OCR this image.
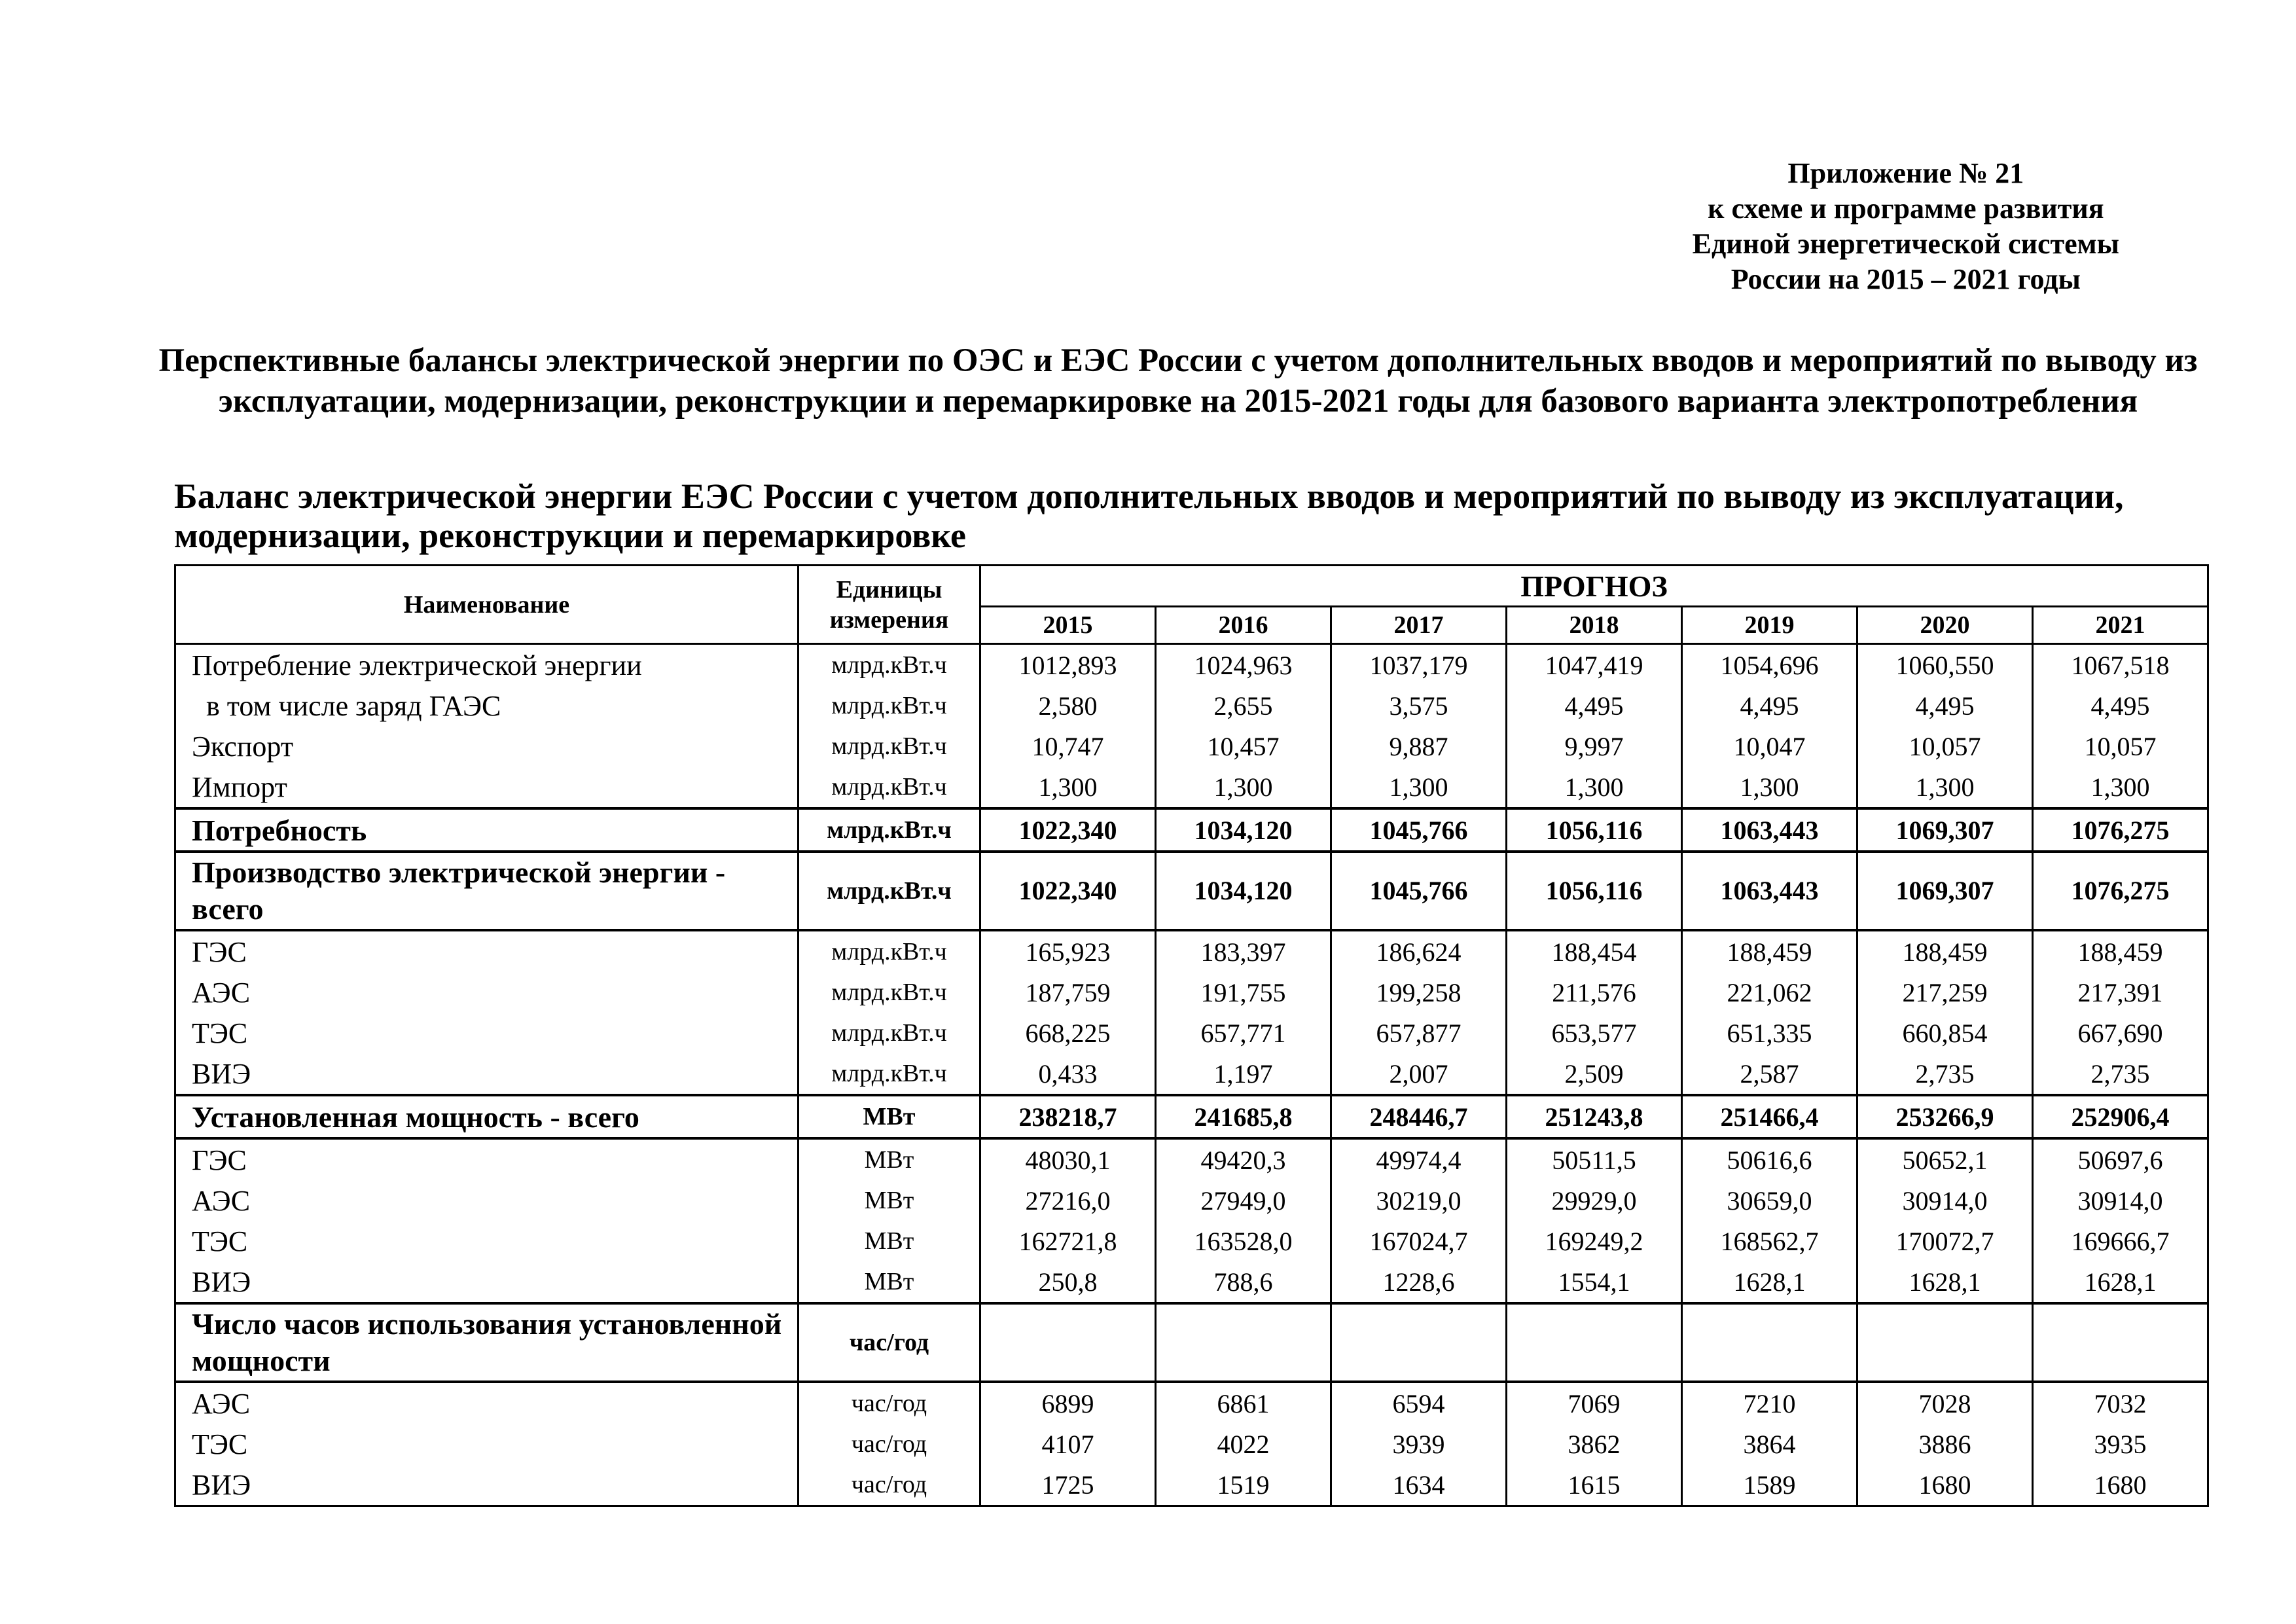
Приложение № 21
к схеме и программе развития
Единой энергетической системы
России на 2015 – 2021 годы
Перспективные балансы электрической энергии по ОЭС и ЕЭС России с учетом дополнительных вводов и мероприятий по выводу из эксплуатации, модернизации, реконструкции и перемаркировке на 2015-2021 годы для базового варианта электропотребления
Баланс электрической энергии ЕЭС России с учетом дополнительных вводов и мероприятий по выводу из эксплуатации, модернизации, реконструкции и перемаркировке
Наименование	Единицы
измерения	ПРОГНОЗ						
		2015	2016	2017	2018	2019	2020	2021
Потребление электрической энергии	млрд.кВт.ч	1012,893	1024,963	1037,179	1047,419	1054,696	1060,550	1067,518
в том числе заряд ГАЭС	млрд.кВт.ч	2,580	2,655	3,575	4,495	4,495	4,495	4,495
Экспорт	млрд.кВт.ч	10,747	10,457	9,887	9,997	10,047	10,057	10,057
Импорт	млрд.кВт.ч	1,300	1,300	1,300	1,300	1,300	1,300	1,300
Потребность	млрд.кВт.ч	1022,340	1034,120	1045,766	1056,116	1063,443	1069,307	1076,275
Производство электрической энергии - всего	млрд.кВт.ч	1022,340	1034,120	1045,766	1056,116	1063,443	1069,307	1076,275
ГЭС	млрд.кВт.ч	165,923	183,397	186,624	188,454	188,459	188,459	188,459
АЭС	млрд.кВт.ч	187,759	191,755	199,258	211,576	221,062	217,259	217,391
ТЭС	млрд.кВт.ч	668,225	657,771	657,877	653,577	651,335	660,854	667,690
ВИЭ	млрд.кВт.ч	0,433	1,197	2,007	2,509	2,587	2,735	2,735
Установленная мощность - всего	МВт	238218,7	241685,8	248446,7	251243,8	251466,4	253266,9	252906,4
ГЭС	МВт	48030,1	49420,3	49974,4	50511,5	50616,6	50652,1	50697,6
АЭС	МВт	27216,0	27949,0	30219,0	29929,0	30659,0	30914,0	30914,0
ТЭС	МВт	162721,8	163528,0	167024,7	169249,2	168562,7	170072,7	169666,7
ВИЭ	МВт	250,8	788,6	1228,6	1554,1	1628,1	1628,1	1628,1
Число часов использования установленной мощности	час/год							
АЭС	час/год	6899	6861	6594	7069	7210	7028	7032
ТЭС	час/год	4107	4022	3939	3862	3864	3886	3935
ВИЭ	час/год	1725	1519	1634	1615	1589	1680	1680
